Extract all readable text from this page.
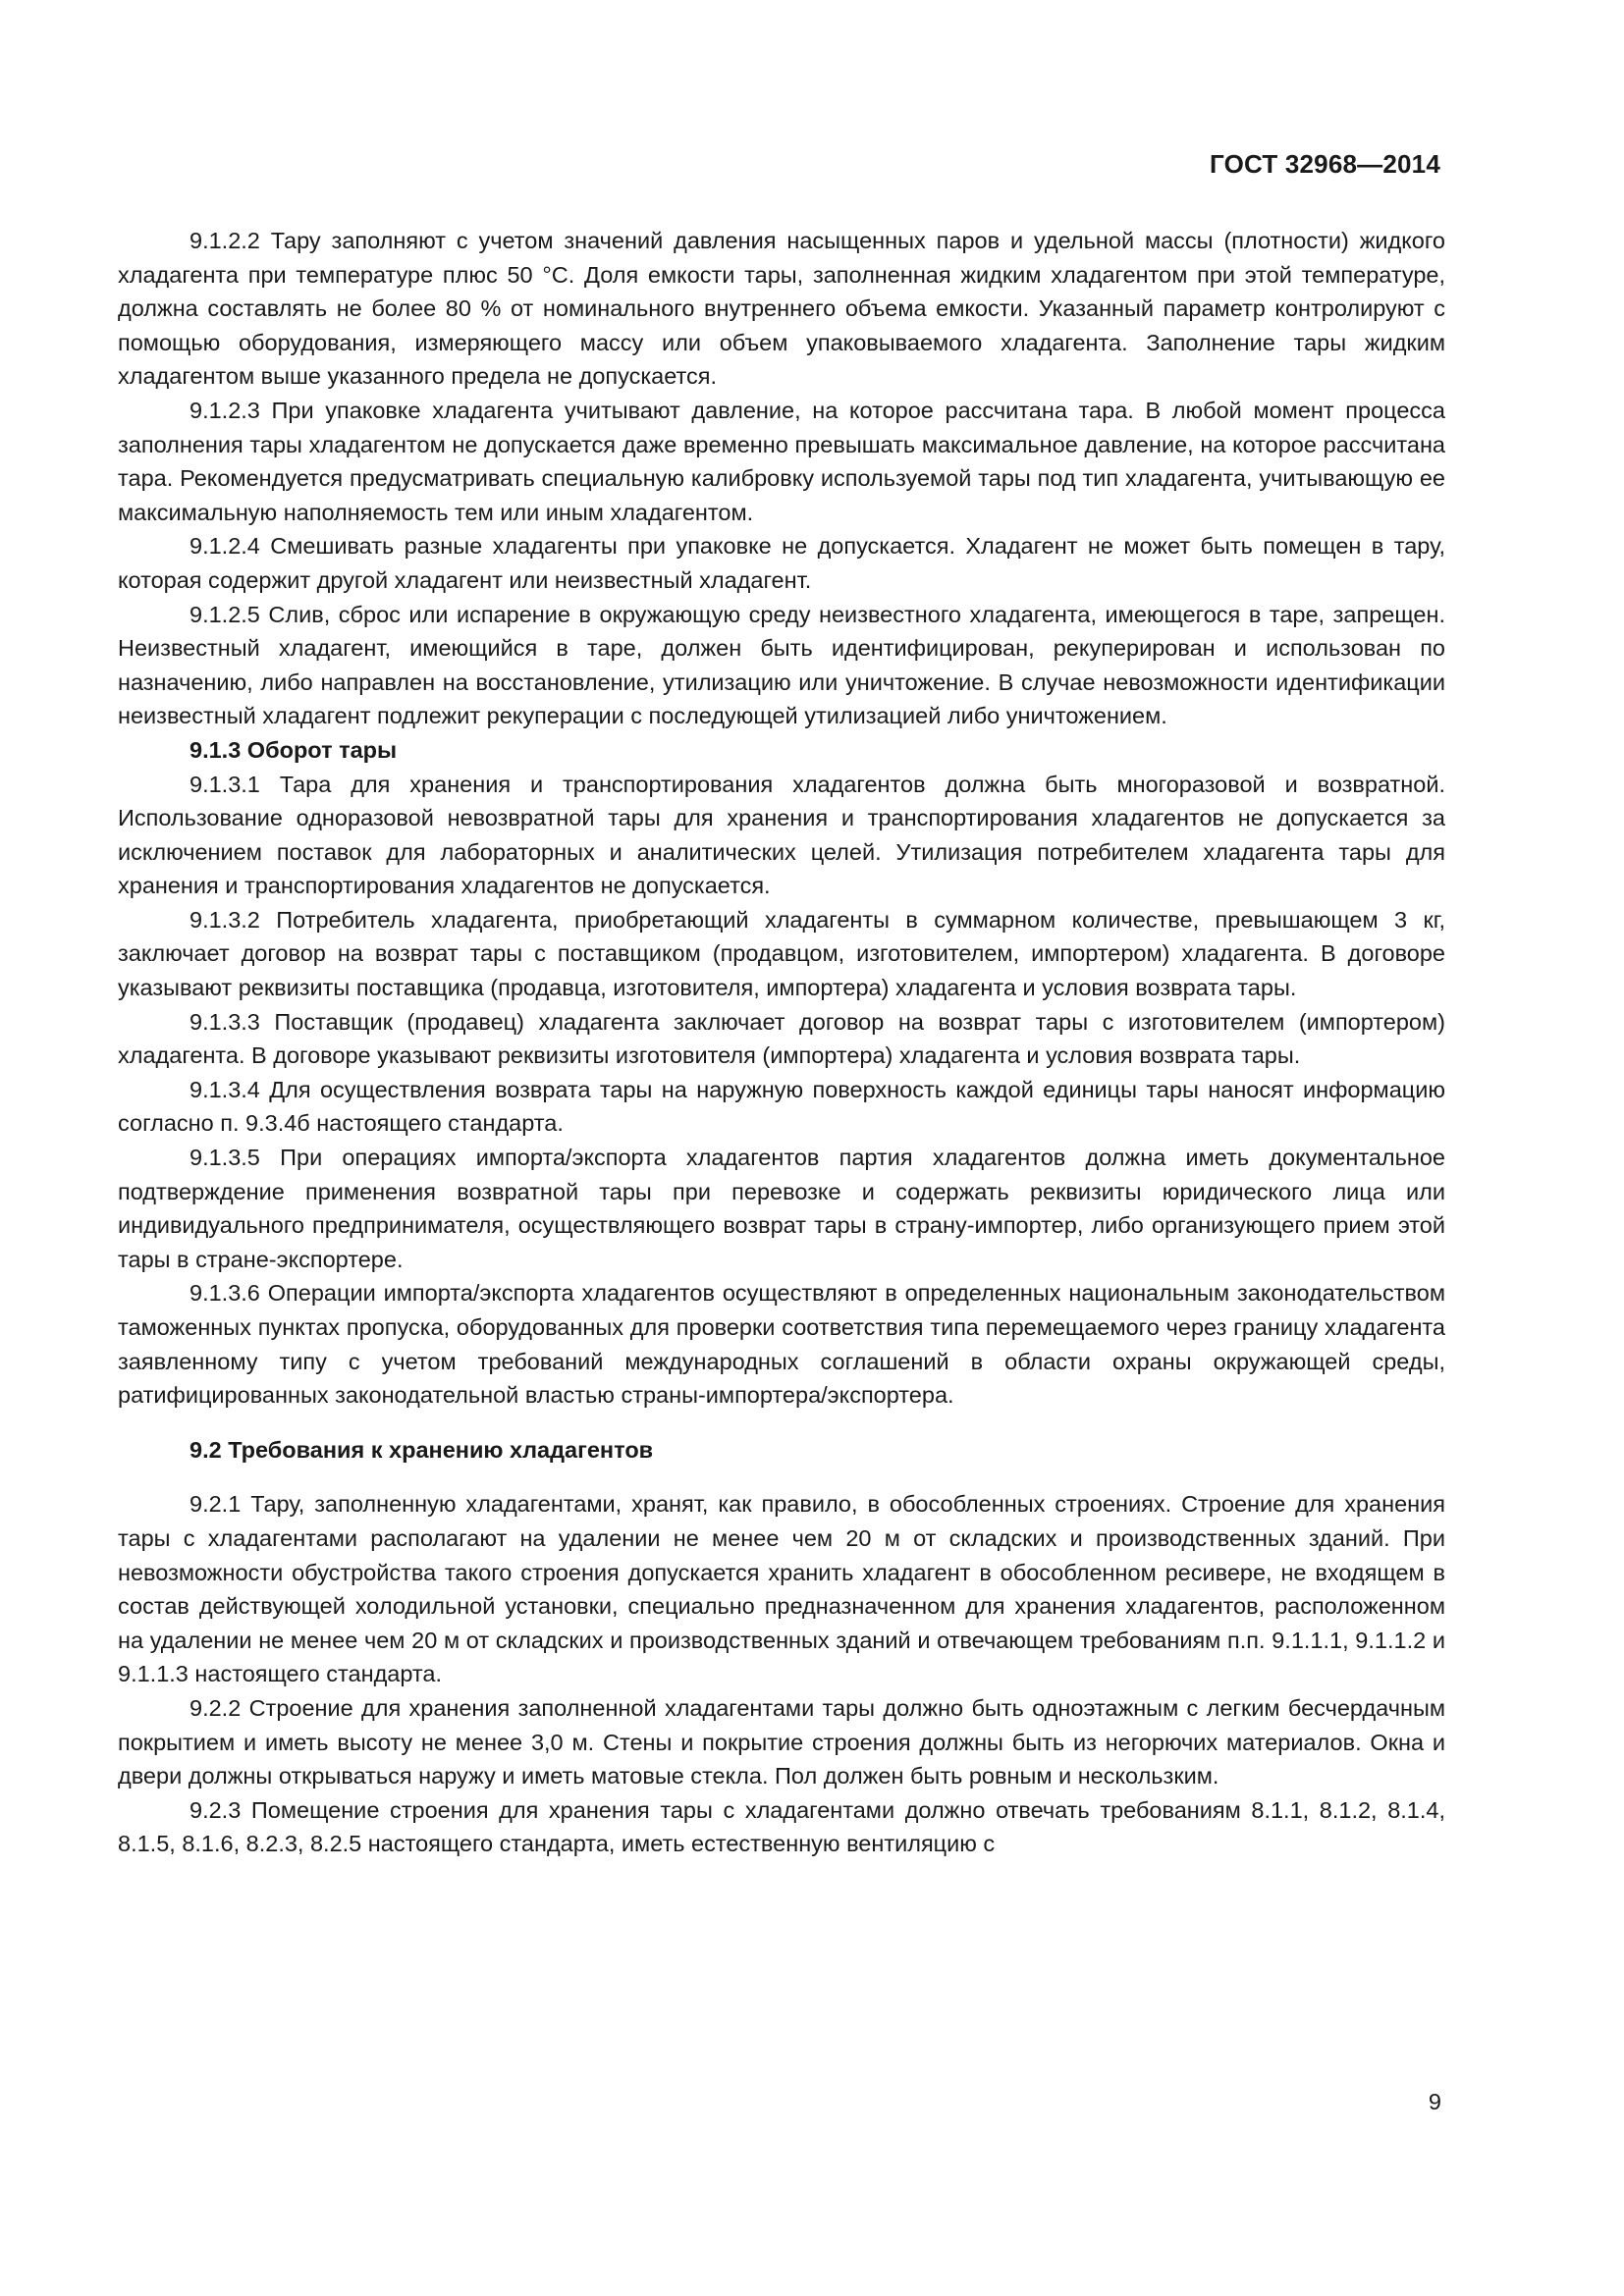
ГОСТ 32968—2014

9.1.2.2 Тару заполняют с учетом значений давления насыщенных паров и удельной массы (плотности) жидкого хладагента при температуре плюс 50 °С. Доля емкости тары, заполненная жидким хладагентом при этой температуре, должна составлять не более 80 % от номинального внутреннего объема емкости. Указанный параметр контролируют с помощью оборудования, измеряющего массу или объем упаковываемого хладагента. Заполнение тары жидким хладагентом выше указанного предела не допускается.

9.1.2.3 При упаковке хладагента учитывают давление, на которое рассчитана тара. В любой момент процесса заполнения тары хладагентом не допускается даже временно превышать максимальное давление, на которое рассчитана тара. Рекомендуется предусматривать специальную калибровку используемой тары под тип хладагента, учитывающую ее максимальную наполняемость тем или иным хладагентом.

9.1.2.4 Смешивать разные хладагенты при упаковке не допускается. Хладагент не может быть помещен в тару, которая содержит другой хладагент или неизвестный хладагент.

9.1.2.5 Слив, сброс или испарение в окружающую среду неизвестного хладагента, имеющегося в таре, запрещен. Неизвестный хладагент, имеющийся в таре, должен быть идентифицирован, рекуперирован и использован по назначению, либо направлен на восстановление, утилизацию или уничтожение. В случае невозможности идентификации неизвестный хладагент подлежит рекуперации с последующей утилизацией либо уничтожением.

9.1.3 Оборот тары

9.1.3.1 Тара для хранения и транспортирования хладагентов должна быть многоразовой и возвратной. Использование одноразовой невозвратной тары для хранения и транспортирования хладагентов не допускается за исключением поставок для лабораторных и аналитических целей. Утилизация потребителем хладагента тары для хранения и транспортирования хладагентов не допускается.

9.1.3.2 Потребитель хладагента, приобретающий хладагенты в суммарном количестве, превышающем 3 кг, заключает договор на возврат тары с поставщиком (продавцом, изготовителем, импортером) хладагента. В договоре указывают реквизиты поставщика (продавца, изготовителя, импортера) хладагента и условия возврата тары.

9.1.3.3 Поставщик (продавец) хладагента заключает договор на возврат тары с изготовителем (импортером) хладагента. В договоре указывают реквизиты изготовителя (импортера) хладагента и условия возврата тары.

9.1.3.4 Для осуществления возврата тары на наружную поверхность каждой единицы тары наносят информацию согласно п. 9.3.4б настоящего стандарта.

9.1.3.5 При операциях импорта/экспорта хладагентов партия хладагентов должна иметь документальное подтверждение применения возвратной тары при перевозке и содержать реквизиты юридического лица или индивидуального предпринимателя, осуществляющего возврат тары в страну-импортер, либо организующего прием этой тары в стране-экспортере.

9.1.3.6 Операции импорта/экспорта хладагентов осуществляют в определенных национальным законодательством таможенных пунктах пропуска, оборудованных для проверки соответствия типа перемещаемого через границу хладагента заявленному типу с учетом требований международных соглашений в области охраны окружающей среды, ратифицированных законодательной властью страны-импортера/экспортера.

9.2 Требования к хранению хладагентов

9.2.1 Тару, заполненную хладагентами, хранят, как правило, в обособленных строениях. Строение для хранения тары с хладагентами располагают на удалении не менее чем 20 м от складских и производственных зданий. При невозможности обустройства такого строения допускается хранить хладагент в обособленном ресивере, не входящем в состав действующей холодильной установки, специально предназначенном для хранения хладагентов, расположенном на удалении не менее чем 20 м от складских и производственных зданий и отвечающем требованиям п.п. 9.1.1.1, 9.1.1.2 и 9.1.1.3 настоящего стандарта.

9.2.2 Строение для хранения заполненной хладагентами тары должно быть одноэтажным с легким бесчердачным покрытием и иметь высоту не менее 3,0 м. Стены и покрытие строения должны быть из негорючих материалов. Окна и двери должны открываться наружу и иметь матовые стекла. Пол должен быть ровным и нескользким.

9.2.3 Помещение строения для хранения тары с хладагентами должно отвечать требованиям 8.1.1, 8.1.2, 8.1.4, 8.1.5, 8.1.6, 8.2.3, 8.2.5 настоящего стандарта, иметь естественную вентиляцию с

9
